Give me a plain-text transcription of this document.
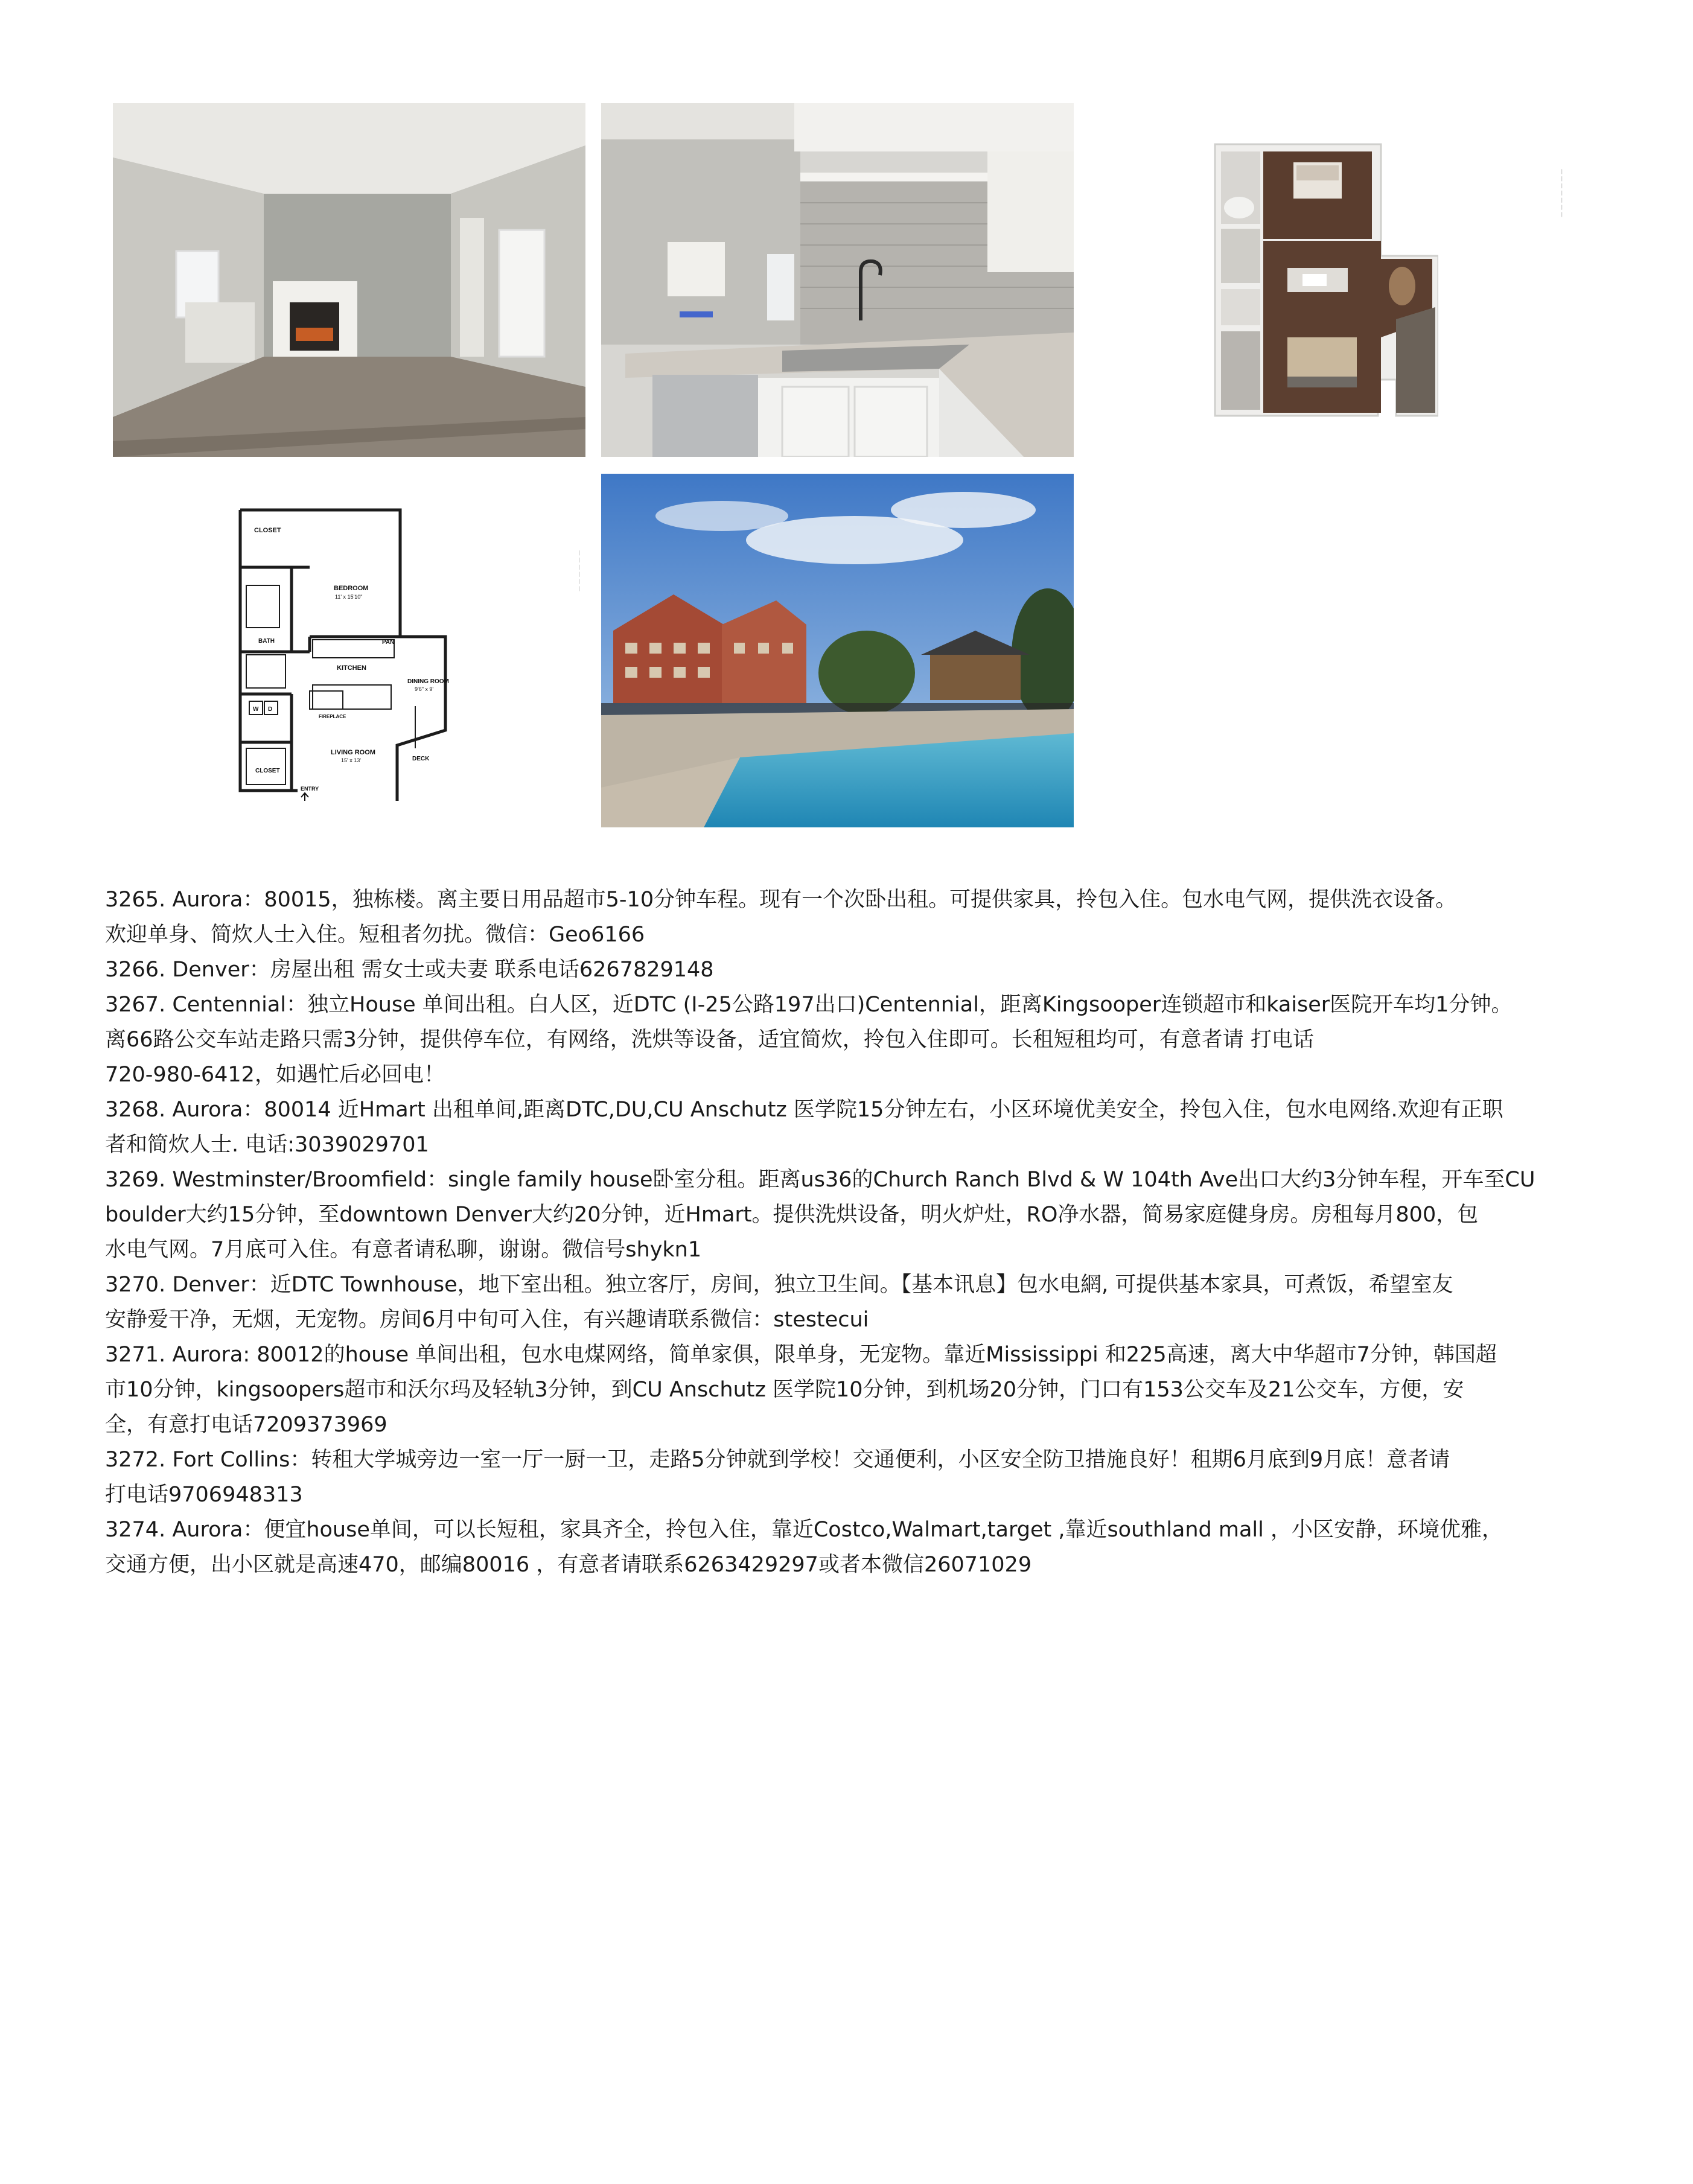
— — — — — — —
CLOSET
BEDROOM
11' x 15'10"
BATH	PAN
KITCHEN
DINING ROOM
9'6" x 9'
FIREPLACE
LIVING ROOM
15' x 13'	DECK
CLOSET
W D
ENTRY
— — — — — —
3265. Aurora：80015，独栋楼。离主要日用品超市5-10分钟车程。现有一个次卧出租。可提供家具，拎包入住。包水电气网，提供洗衣设备。
欢迎单身、简炊人士入住。短租者勿扰。微信：Geo6166
3266. Denver：房屋出租 需女士或夫妻 联系电话6267829148
3267. Centennial：独立House 单间出租。白人区，近DTC (I-25公路197出口)Centennial，距离Kingsooper连锁超市和kaiser医院开车均1分钟。
离66路公交车站走路只需3分钟，提供停车位，有网络，洗烘等设备，适宜简炊，拎包入住即可。长租短租均可，有意者请 打电话
720-980-6412，如遇忙后必回电！
3268. Aurora：80014 近Hmart 出租单间,距离DTC,DU,CU Anschutz 医学院15分钟左右，小区环境优美安全，拎包入住，包水电网络.欢迎有正职
者和简炊人士. 电话:3039029701
3269. Westminster/Broomfield：single family house卧室分租。距离us36的Church Ranch Blvd & W 104th Ave出口大约3分钟车程，开车至CU
boulder大约15分钟，至downtown Denver大约20分钟，近Hmart。提供洗烘设备，明火炉灶，RO净水器，简易家庭健身房。房租每月800，包
水电气网。7月底可入住。有意者请私聊，谢谢。微信号shykn1
3270. Denver：近DTC Townhouse，地下室出租。独立客厅，房间，独立卫生间。【基本讯息】包水电網, 可提供基本家具，可煮饭，希望室友
安静爱干净，无烟，无宠物。房间6月中旬可入住，有兴趣请联系微信：stestecui
3271. Aurora: 80012的house 单间出租，包水电煤网络，简单家俱，限单身，无宠物。靠近Mississippi 和225高速，离大中华超市7分钟，韩国超
市10分钟，kingsoopers超市和沃尔玛及轻轨3分钟，到CU Anschutz 医学院10分钟，到机场20分钟，门口有153公交车及21公交车，方便，安
全，有意打电话7209373969
3272. Fort Collins：转租大学城旁边一室一厅一厨一卫，走路5分钟就到学校！交通便利，小区安全防卫措施良好！租期6月底到9月底！意者请
打电话9706948313
3274. Aurora：便宜house单间，可以长短租，家具齐全，拎包入住，靠近Costco,Walmart,target ,靠近southland mall ，小区安静，环境优雅，
交通方便，出小区就是高速470，邮编80016 ，有意者请联系6263429297或者本微信26071029
